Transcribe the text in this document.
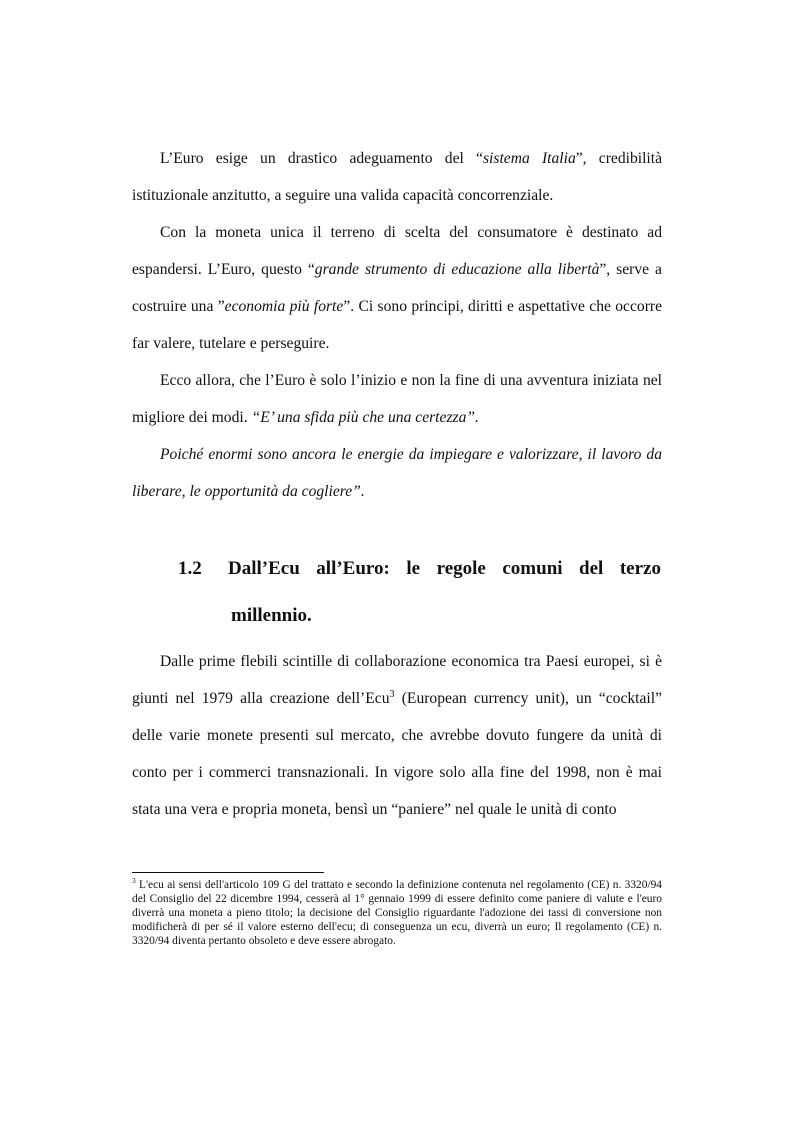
L’Euro esige un drastico adeguamento del “sistema Italia”, credibilità istituzionale anzitutto, a seguire una valida capacità concorrenziale.

Con la moneta unica il terreno di scelta del consumatore è destinato ad espandersi. L’Euro, questo “grande strumento di educazione alla libertà”, serve a costruire una ”economia più forte”. Ci sono principi, diritti e aspettative che occorre far valere, tutelare e perseguire.

Ecco allora, che l’Euro è solo l’inizio e non la fine di una avventura iniziata nel migliore dei modi. “E’ una sfida più che una certezza”.

Poiché enormi sono ancora le energie da impiegare e valorizzare, il lavoro da liberare, le opportunità da cogliere”.

1.2 Dall’Ecu all’Euro: le regole comuni del terzo
millennio.

Dalle prime flebili scintille di collaborazione economica tra Paesi europei, si è giunti nel 1979 alla creazione dell’Ecu$^3$ (European currency unit), un “cocktail” delle varie monete presenti sul mercato, che avrebbe dovuto fungere da unità di conto per i commerci transnazionali. In vigore solo alla fine del 1998, non è mai stata una vera e propria moneta, bensì un “paniere” nel quale le unità di conto

$^3$ L'ecu ai sensi dell'articolo 109 G del trattato e secondo la definizione contenuta nel regolamento (CE) n. 3320/94 del Consiglio del 22 dicembre 1994, cesserà al 1° gennaio 1999 di essere definito come paniere di valute e l'euro diverrà una moneta a pieno titolo; la decisione del Consiglio riguardante l'adozione dei tassi di conversione non modificherà di per sé il valore esterno dell'ecu; di conseguenza un ecu, diverrà un euro; Il regolamento (CE) n. 3320/94 diventa pertanto obsoleto e deve essere abrogato.
